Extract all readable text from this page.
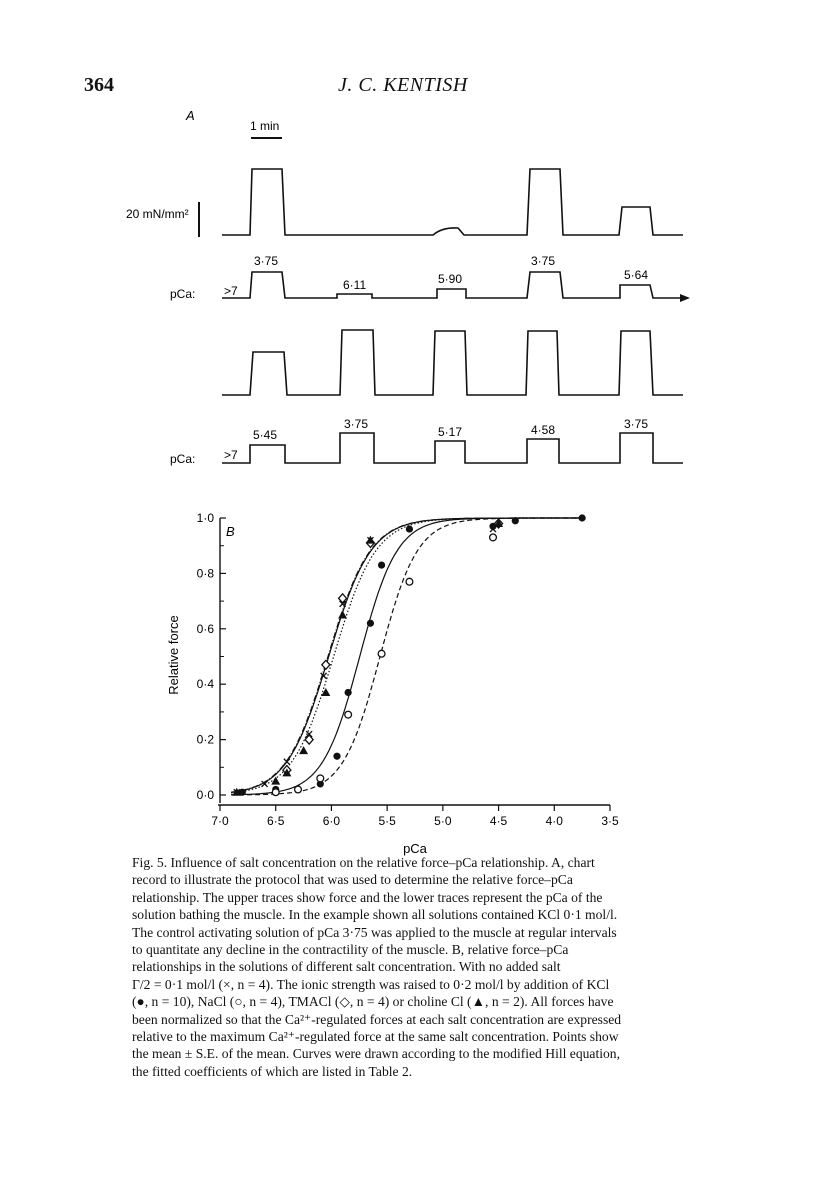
364	J. C. KENTISH
A
1 min
20 mN/mm²
pCa: >7
3·75
6·11	5·90
3·75
5·64
pCa: >7
5·45
3·75
5·17	4·58	3·75
0·0
0·2
0·4
0·6
0·8
1·0
7·0	6·5	6·0	5·5	5·0	4·5	4·0	3·5
B
pCa
Relative force
Fig. 5. Influence of salt concentration on the relative force–pCa relationship. A, chart
record to illustrate the protocol that was used to determine the relative force–pCa
relationship. The upper traces show force and the lower traces represent the pCa of the
solution bathing the muscle. In the example shown all solutions contained KCl 0·1 mol/l.
The control activating solution of pCa 3·75 was applied to the muscle at regular intervals
to quantitate any decline in the contractility of the muscle. B, relative force–pCa
relationships in the solutions of different salt concentration. With no added salt
Γ/2 = 0·1 mol/l (×, n = 4). The ionic strength was raised to 0·2 mol/l by addition of KCl
(●, n = 10), NaCl (○, n = 4), TMACl (◇, n = 4) or choline Cl (▲, n = 2). All forces have
been normalized so that the Ca²⁺-regulated forces at each salt concentration are expressed
relative to the maximum Ca²⁺-regulated force at the same salt concentration. Points show
the mean ± S.E. of the mean. Curves were drawn according to the modified Hill equation,
the fitted coefficients of which are listed in Table 2.
